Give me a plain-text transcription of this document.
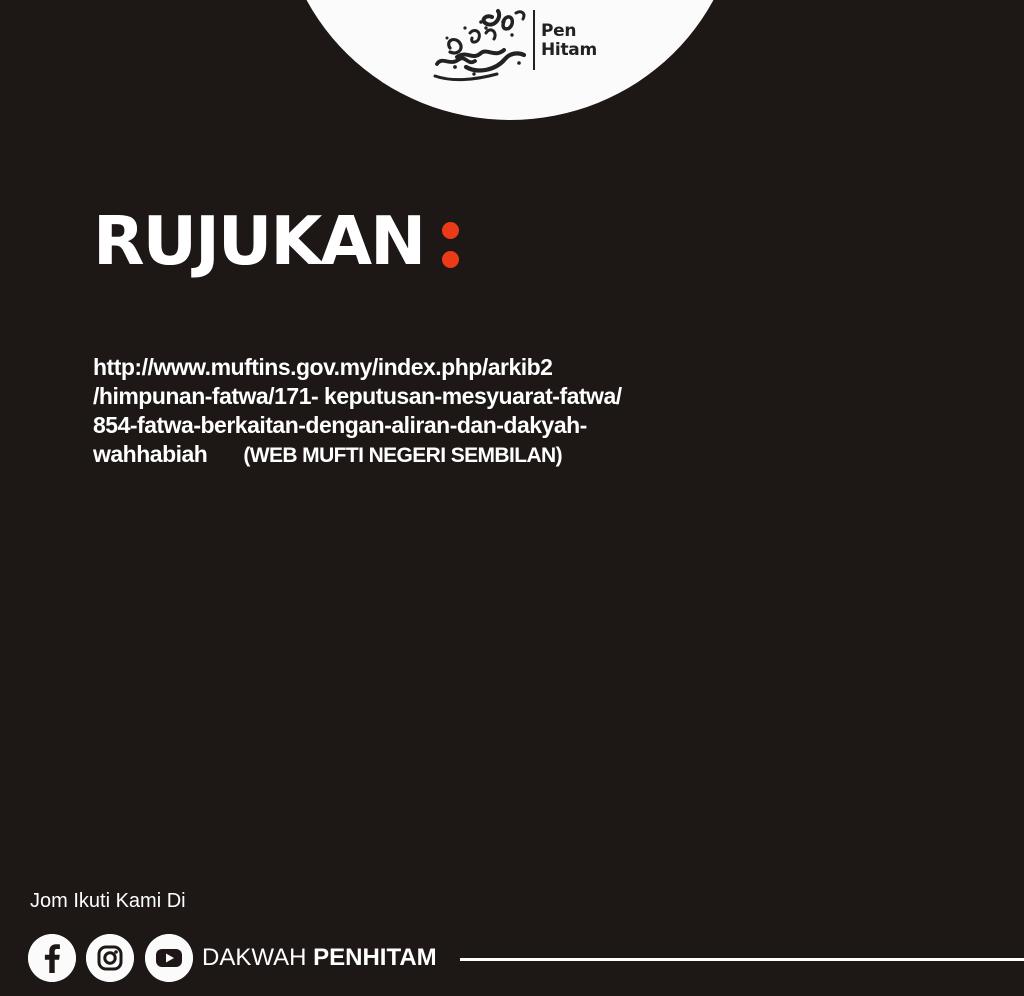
Pen
Hitam
RUJUKAN
http://www.muftins.gov.my/index.php/arkib2
/himpunan-fatwa/171- keputusan-mesyuarat-fatwa/
854-fatwa-berkaitan-dengan-aliran-dan-dakyah-
wahhabiah (WEB MUFTI NEGERI SEMBILAN)
Jom Ikuti Kami Di
DAKWAH PENHITAM
